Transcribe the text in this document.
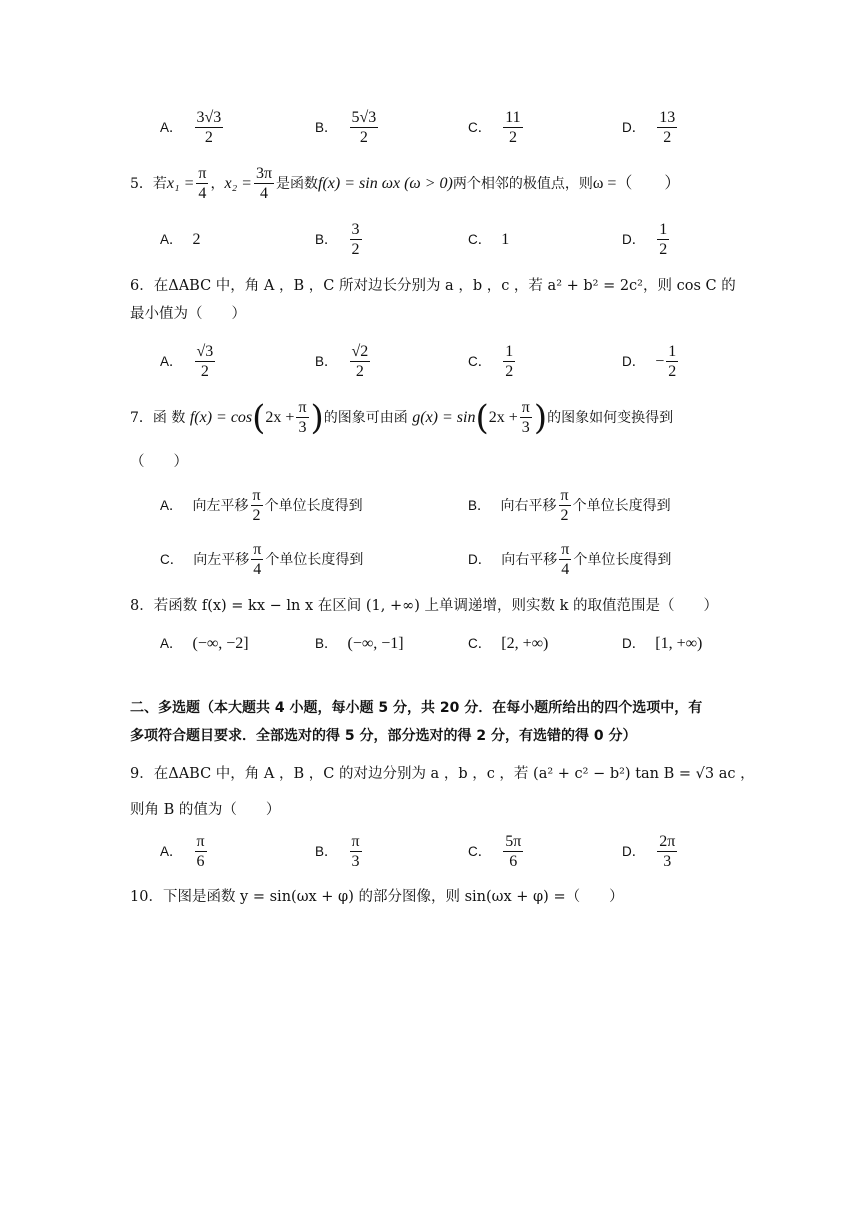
A． $\frac{3√3}{2}$	B． $\frac{5√3}{2}$	C． $\frac{11}{2}$	D． $\frac{13}{2}$
5．若 $x_1 = \frac{\pi}{4}$ ， $x_2 = \frac{3\pi}{4}$ 是函数 f(x) = sin ωx (ω > 0) 两个相邻的极值点，则 ω =（　　）
A． 2	B． $\frac{3}{2}$	C． 1	D． $\frac{1}{2}$
6．在ΔABC 中，角 A ，B ，C 所对边长分别为 a ，b ，c ，若 a² + b² = 2c²，则 cos C 的
最小值为（　　）
A． $\frac{√3}{2}$	B． $\frac{√2}{2}$	C． $\frac{1}{2}$	D． − $\frac{1}{2}$
7．函 数
f(x) = cos ( $2x + \frac{\pi}{3}$ ) 的图象可由函
g(x) = sin ( $2x + \frac{\pi}{3}$ ) 的图象如何变换得到
（　　）
A． 向左平移 $\frac{\pi}{2}$ 个单位长度得到	B． 向右平移 $\frac{\pi}{2}$ 个单位长度得到
C． 向左平移 $\frac{\pi}{4}$ 个单位长度得到	D． 向右平移 $\frac{\pi}{4}$ 个单位长度得到
8．若函数 f(x) = kx − ln x 在区间 (1, +∞) 上单调递增，则实数 k 的取值范围是（　　）
A． (−∞, −2]	B． (−∞, −1]	C． [2, +∞)	D． [1, +∞)
二、多选题（本大题共 4 小题，每小题 5 分，共 20 分．在每小题所给出的四个选项中，有
多项符合题目要求．全部选对的得 5 分，部分选对的得 2 分，有选错的得 0 分）
9．在ΔABC 中，角 A ，B ，C 的对边分别为 a ，b ，c ，若 (a² + c² − b²) tan B = √3 ac ，
则角 B 的值为（　　）
A． $\frac{\pi}{6}$	B． $\frac{\pi}{3}$	C． $\frac{5\pi}{6}$	D． $\frac{2\pi}{3}$
10．下图是函数 y = sin(ωx + φ) 的部分图像，则 sin(ωx + φ) =（　　）
